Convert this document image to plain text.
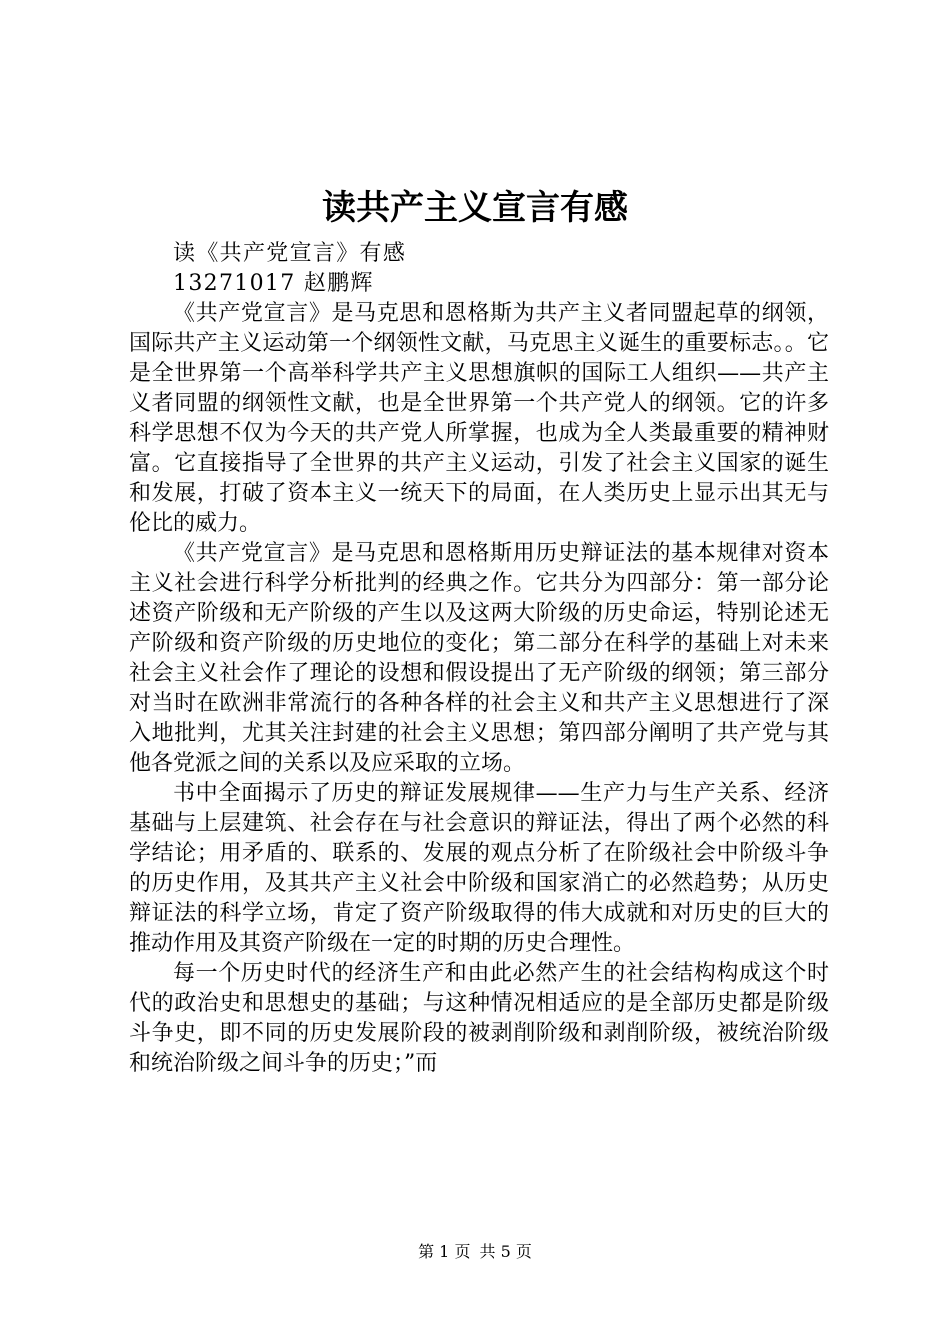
读共产主义宣言有感

读《共产党宣言》有感

13271017 赵鹏辉

《共产党宣言》是马克思和恩格斯为共产主义者同盟起草的纲领，国际共产主义运动第一个纲领性文献，马克思主义诞生的重要标志。。它是全世界第一个高举科学共产主义思想旗帜的国际工人组织——共产主义者同盟的纲领性文献，也是全世界第一个共产党人的纲领。它的许多科学思想不仅为今天的共产党人所掌握，也成为全人类最重要的精神财富。它直接指导了全世界的共产主义运动，引发了社会主义国家的诞生和发展，打破了资本主义一统天下的局面，在人类历史上显示出其无与伦比的威力。

《共产党宣言》是马克思和恩格斯用历史辩证法的基本规律对资本主义社会进行科学分析批判的经典之作。它共分为四部分：第一部分论述资产阶级和无产阶级的产生以及这两大阶级的历史命运，特别论述无产阶级和资产阶级的历史地位的变化；第二部分在科学的基础上对未来社会主义社会作了理论的设想和假设提出了无产阶级的纲领；第三部分对当时在欧洲非常流行的各种各样的社会主义和共产主义思想进行了深入地批判，尤其关注封建的社会主义思想；第四部分阐明了共产党与其他各党派之间的关系以及应采取的立场。

书中全面揭示了历史的辩证发展规律——生产力与生产关系、经济基础与上层建筑、社会存在与社会意识的辩证法，得出了两个必然的科学结论；用矛盾的、联系的、发展的观点分析了在阶级社会中阶级斗争的历史作用，及其共产主义社会中阶级和国家消亡的必然趋势；从历史辩证法的科学立场，肯定了资产阶级取得的伟大成就和对历史的巨大的推动作用及其资产阶级在一定的时期的历史合理性。

每一个历史时代的经济生产和由此必然产生的社会结构构成这个时代的政治史和思想史的基础；与这种情况相适应的是全部历史都是阶级斗争史，即不同的历史发展阶段的被剥削阶级和剥削阶级，被统治阶级和统治阶级之间斗争的历史；”而

第 1 页 共 5 页
